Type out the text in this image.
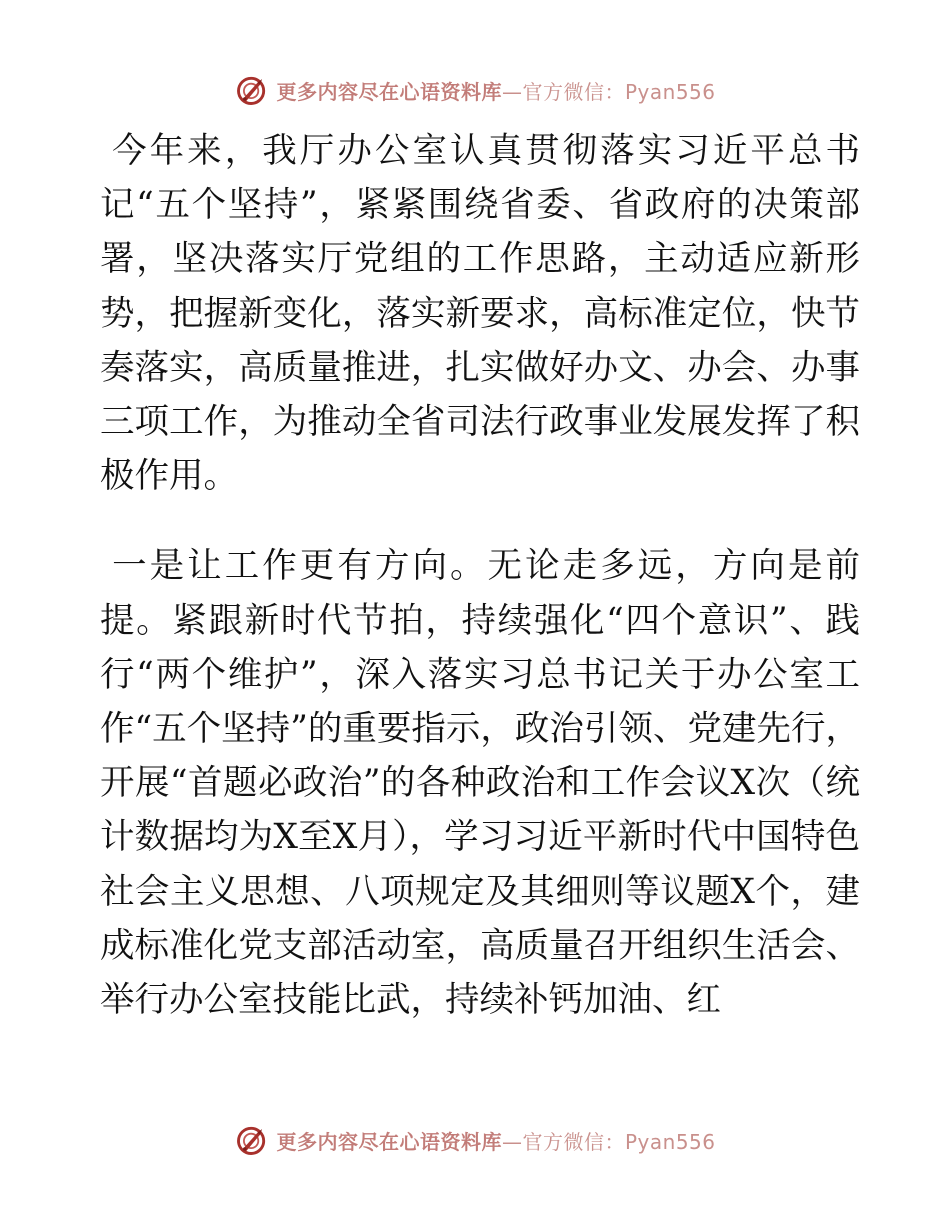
更多内容尽在心语资料库—官方微信：Pyan556

今年来，我厅办公室认真贯彻落实习近平总书记“五个坚持”，紧紧围绕省委、省政府的决策部署，坚决落实厅党组的工作思路，主动适应新形势，把握新变化，落实新要求，高标准定位，快节奏落实，高质量推进，扎实做好办文、办会、办事三项工作，为推动全省司法行政事业发展发挥了积极作用。

一是让工作更有方向。无论走多远，方向是前提。紧跟新时代节拍，持续强化“四个意识”、践行“两个维护”，深入落实习总书记关于办公室工作“五个坚持”的重要指示，政治引领、党建先行，开展“首题必政治”的各种政治和工作会议X次（统计数据均为X至X月），学习习近平新时代中国特色社会主义思想、八项规定及其细则等议题X个，建成标准化党支部活动室，高质量召开组织生活会、举行办公室技能比武，持续补钙加油、红

更多内容尽在心语资料库—官方微信：Pyan556
